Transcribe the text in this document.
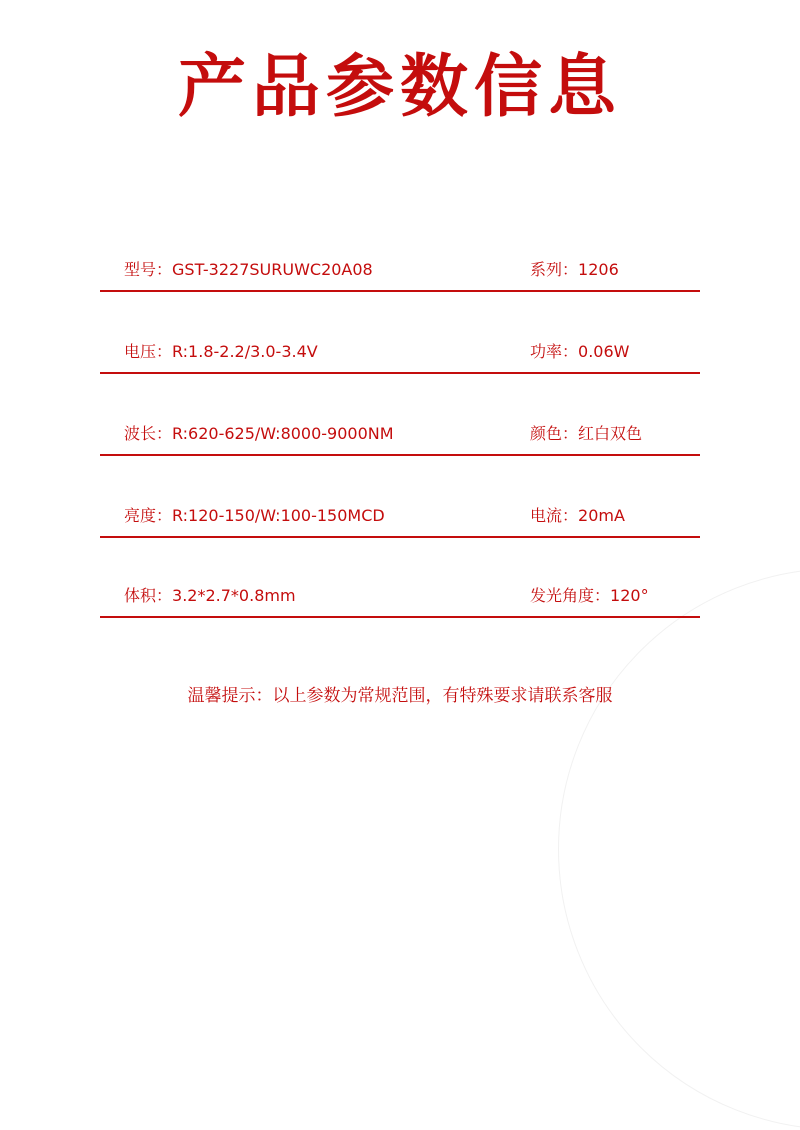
产品参数信息
型号：GST-3227SURUWC20A08	系列：1206
电压：R:1.8-2.2/3.0-3.4V	功率：0.06W
波长：R:620-625/W:8000-9000NM	颜色：红白双色
亮度：R:120-150/W:100-150MCD	电流：20mA
体积：3.2*2.7*0.8mm	发光角度：120°
温馨提示：以上参数为常规范围，有特殊要求请联系客服
